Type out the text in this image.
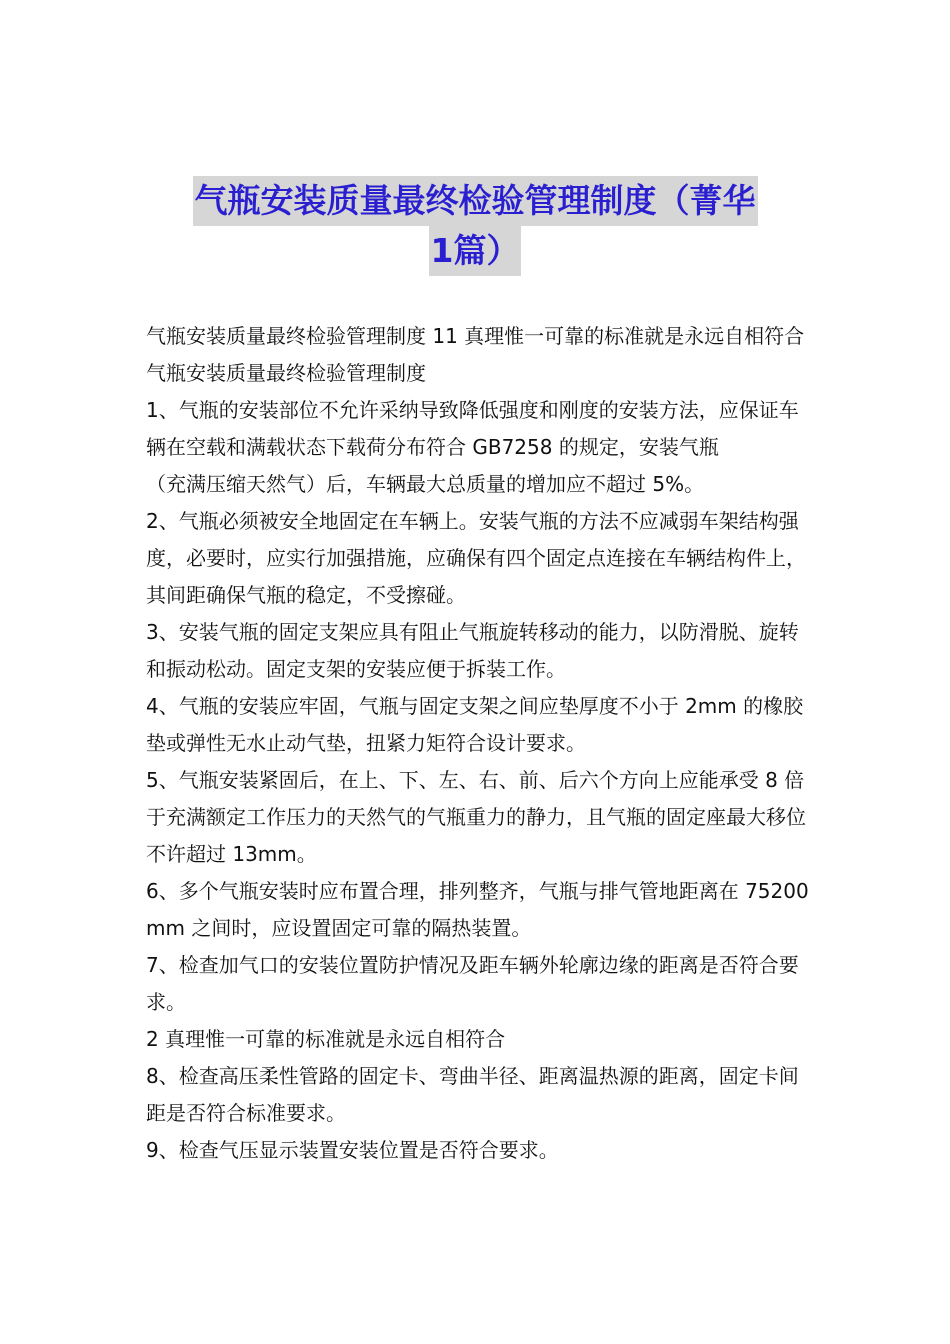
气瓶安装质量最终检验管理制度（菁华
1篇）

气瓶安装质量最终检验管理制度 11 真理惟一可靠的标准就是永远自相符合气瓶安装质量最终检验管理制度

1、气瓶的安装部位不允许采纳导致降低强度和刚度的安装方法，应保证车辆在空载和满载状态下载荷分布符合 GB7258 的规定，安装气瓶

（充满压缩天然气）后，车辆最大总质量的增加应不超过 5%。

2、气瓶必须被安全地固定在车辆上。安装气瓶的方法不应减弱车架结构强度，必要时，应实行加强措施，应确保有四个固定点连接在车辆结构件上，其间距确保气瓶的稳定，不受擦碰。

3、安装气瓶的固定支架应具有阻止气瓶旋转移动的能力，以防滑脱、旋转和振动松动。固定支架的安装应便于拆装工作。

4、气瓶的安装应牢固，气瓶与固定支架之间应垫厚度不小于 2mm 的橡胶垫或弹性无水止动气垫，扭紧力矩符合设计要求。

5、气瓶安装紧固后，在上、下、左、右、前、后六个方向上应能承受 8 倍于充满额定工作压力的天然气的气瓶重力的静力，且气瓶的固定座最大移位不许超过 13mm。

6、多个气瓶安装时应布置合理，排列整齐，气瓶与排气管地距离在 75200mm 之间时，应设置固定可靠的隔热装置。

7、检查加气口的安装位置防护情况及距车辆外轮廓边缘的距离是否符合要求。

2 真理惟一可靠的标准就是永远自相符合

8、检查高压柔性管路的固定卡、弯曲半径、距离温热源的距离，固定卡间距是否符合标准要求。

9、检查气压显示装置安装位置是否符合要求。
